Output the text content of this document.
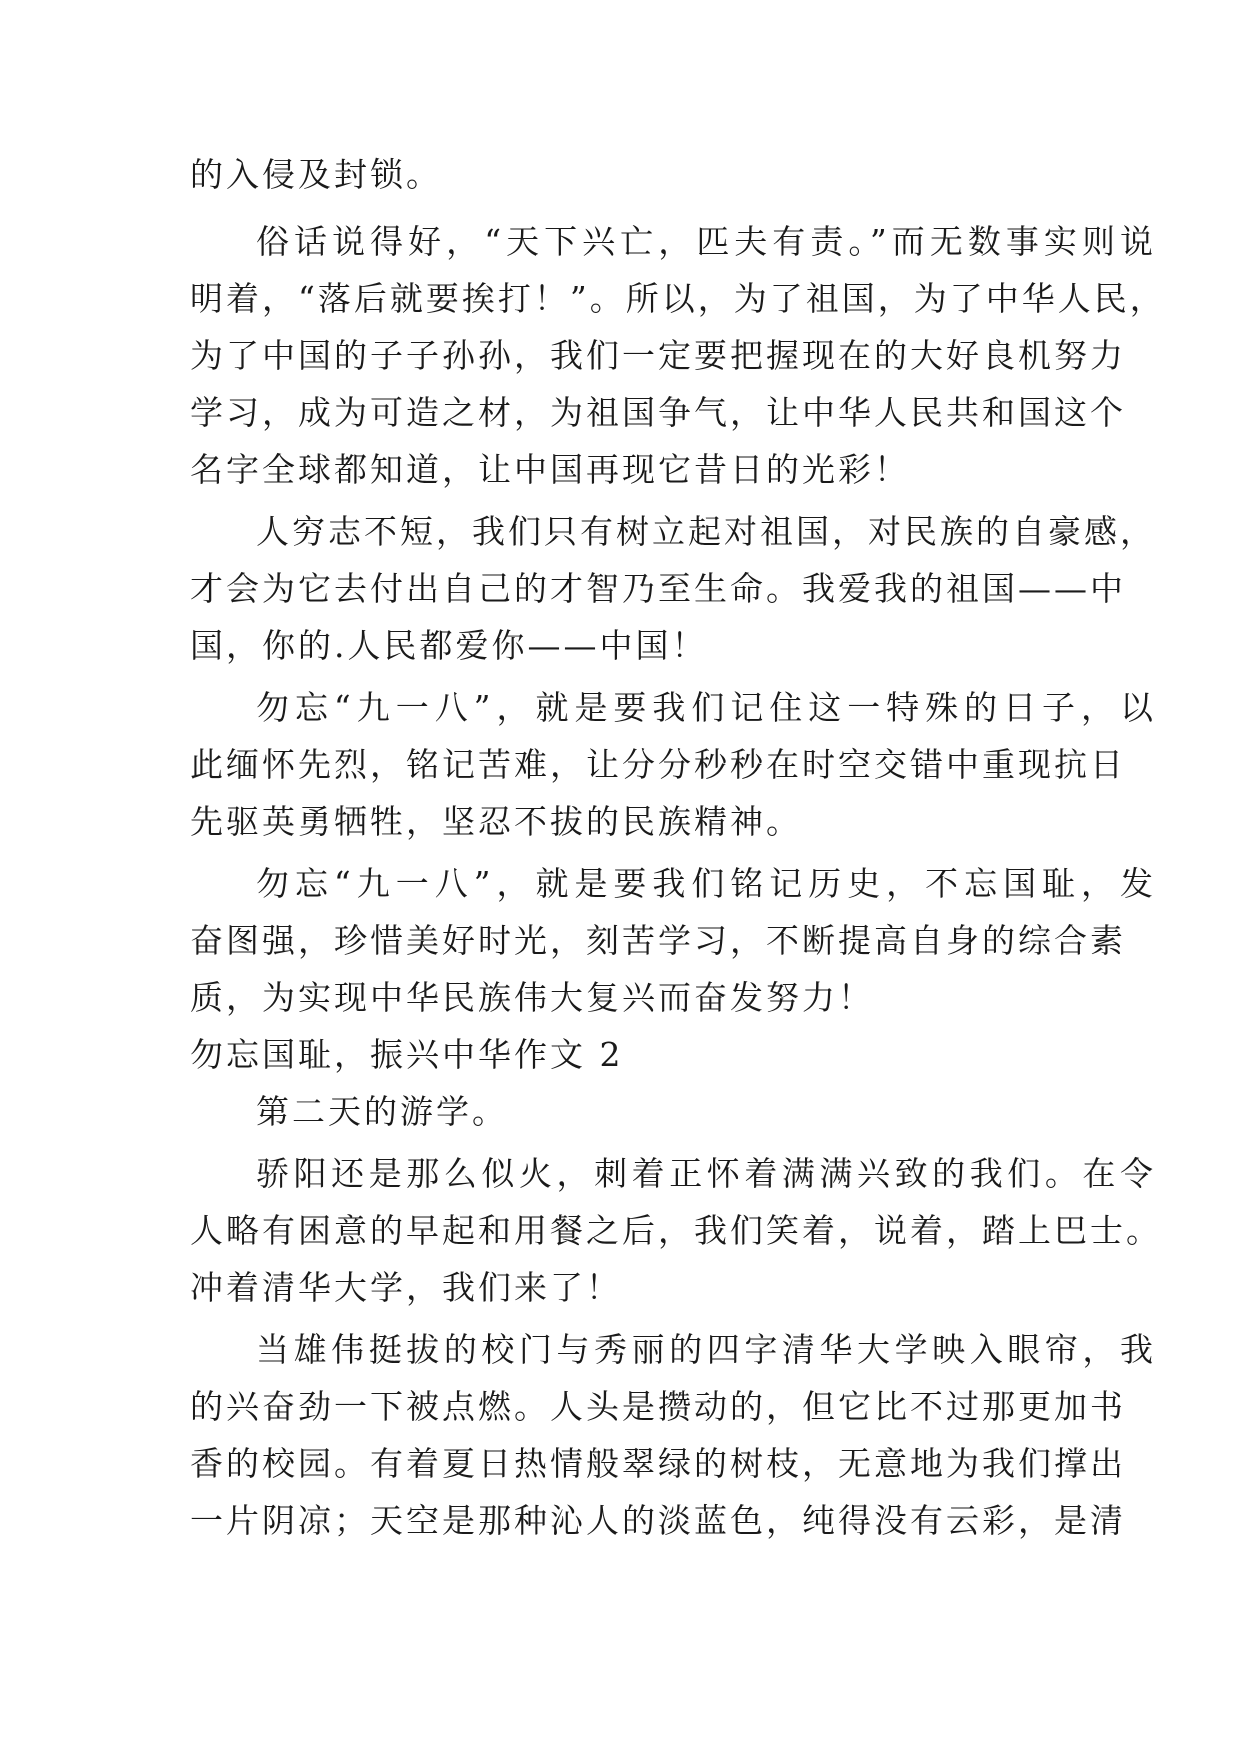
的入侵及封锁。
俗话说得好，“天下兴亡，匹夫有责。”而无数事实则说
明着，“落后就要挨打！”。所以，为了祖国，为了中华人民，
为了中国的子子孙孙，我们一定要把握现在的大好良机努力
学习，成为可造之材，为祖国争气，让中华人民共和国这个
名字全球都知道，让中国再现它昔日的光彩！
人穷志不短，我们只有树立起对祖国，对民族的自豪感，
才会为它去付出自己的才智乃至生命。我爱我的祖国——中
国，你的.人民都爱你——中国！
勿忘“九一八”，就是要我们记住这一特殊的日子，以
此缅怀先烈，铭记苦难，让分分秒秒在时空交错中重现抗日
先驱英勇牺牲，坚忍不拔的民族精神。
勿忘“九一八”，就是要我们铭记历史，不忘国耻，发
奋图强，珍惜美好时光，刻苦学习，不断提高自身的综合素
质，为实现中华民族伟大复兴而奋发努力！
勿忘国耻，振兴中华作文 2
第二天的游学。
骄阳还是那么似火，刺着正怀着满满兴致的我们。在令
人略有困意的早起和用餐之后，我们笑着，说着，踏上巴士。
冲着清华大学，我们来了！
当雄伟挺拔的校门与秀丽的四字清华大学映入眼帘，我
的兴奋劲一下被点燃。人头是攒动的，但它比不过那更加书
香的校园。有着夏日热情般翠绿的树枝，无意地为我们撑出
一片阴凉；天空是那种沁人的淡蓝色，纯得没有云彩，是清
